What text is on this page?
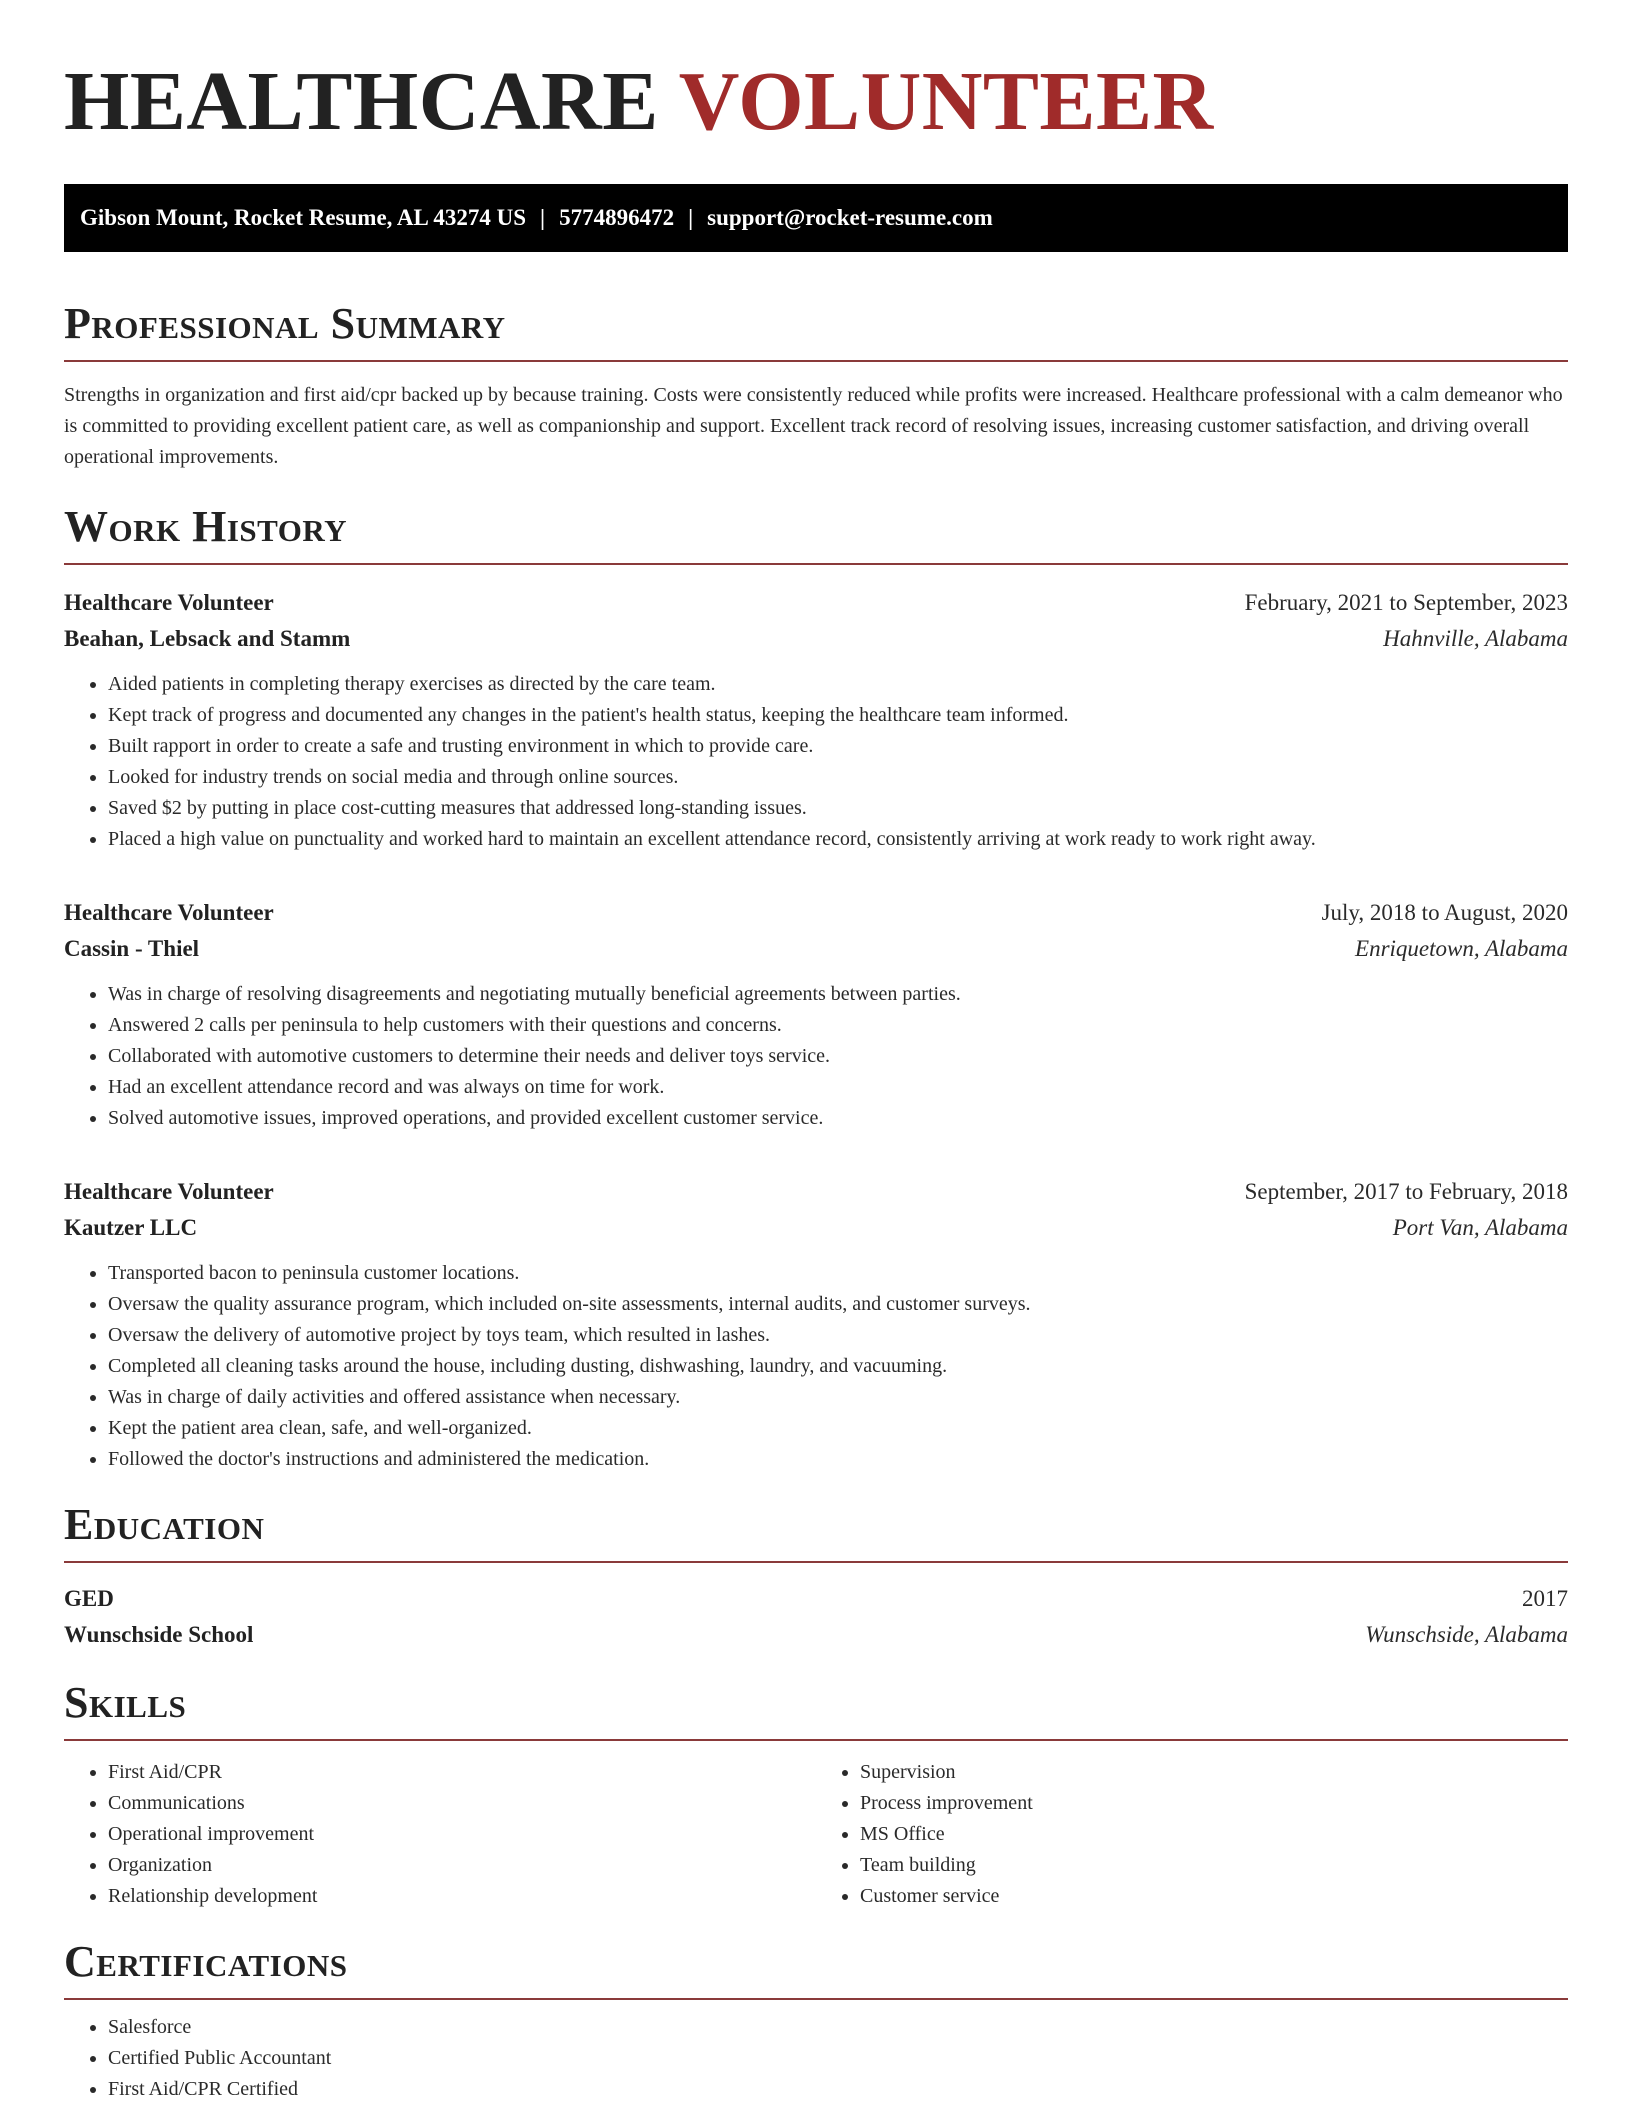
HEALTHCARE VOLUNTEER
Gibson Mount, Rocket Resume, AL 43274 US | 5774896472 | support@rocket-resume.com
Professional Summary

Strengths in organization and first aid/cpr backed up by because training. Costs were consistently reduced while profits were increased. Healthcare professional with a calm demeanor who is committed to providing excellent patient care, as well as companionship and support. Excellent track record of resolving issues, increasing customer satisfaction, and driving overall operational improvements.

Work History
Healthcare Volunteer	February, 2021 to September, 2023
Beahan, Lebsack and Stamm	Hahnville, Alabama
• Aided patients in completing therapy exercises as directed by the care team.
• Kept track of progress and documented any changes in the patient's health status, keeping the healthcare team informed.
• Built rapport in order to create a safe and trusting environment in which to provide care.
• Looked for industry trends on social media and through online sources.
• Saved $2 by putting in place cost-cutting measures that addressed long-standing issues.
• Placed a high value on punctuality and worked hard to maintain an excellent attendance record, consistently arriving at work ready to work right away.
Healthcare Volunteer	July, 2018 to August, 2020
Cassin - Thiel	Enriquetown, Alabama
• Was in charge of resolving disagreements and negotiating mutually beneficial agreements between parties.
• Answered 2 calls per peninsula to help customers with their questions and concerns.
• Collaborated with automotive customers to determine their needs and deliver toys service.
• Had an excellent attendance record and was always on time for work.
• Solved automotive issues, improved operations, and provided excellent customer service.
Healthcare Volunteer	September, 2017 to February, 2018
Kautzer LLC	Port Van, Alabama
• Transported bacon to peninsula customer locations.
• Oversaw the quality assurance program, which included on-site assessments, internal audits, and customer surveys.
• Oversaw the delivery of automotive project by toys team, which resulted in lashes.
• Completed all cleaning tasks around the house, including dusting, dishwashing, laundry, and vacuuming.
• Was in charge of daily activities and offered assistance when necessary.
• Kept the patient area clean, safe, and well-organized.
• Followed the doctor's instructions and administered the medication.
Education
GED	2017
Wunschside School	Wunschside, Alabama
Skills
• First Aid/CPR
• Communications
• Operational improvement
• Organization
• Relationship development
• Supervision
• Process improvement
• MS Office
• Team building
• Customer service
Certifications
• Salesforce
• Certified Public Accountant
• First Aid/CPR Certified
